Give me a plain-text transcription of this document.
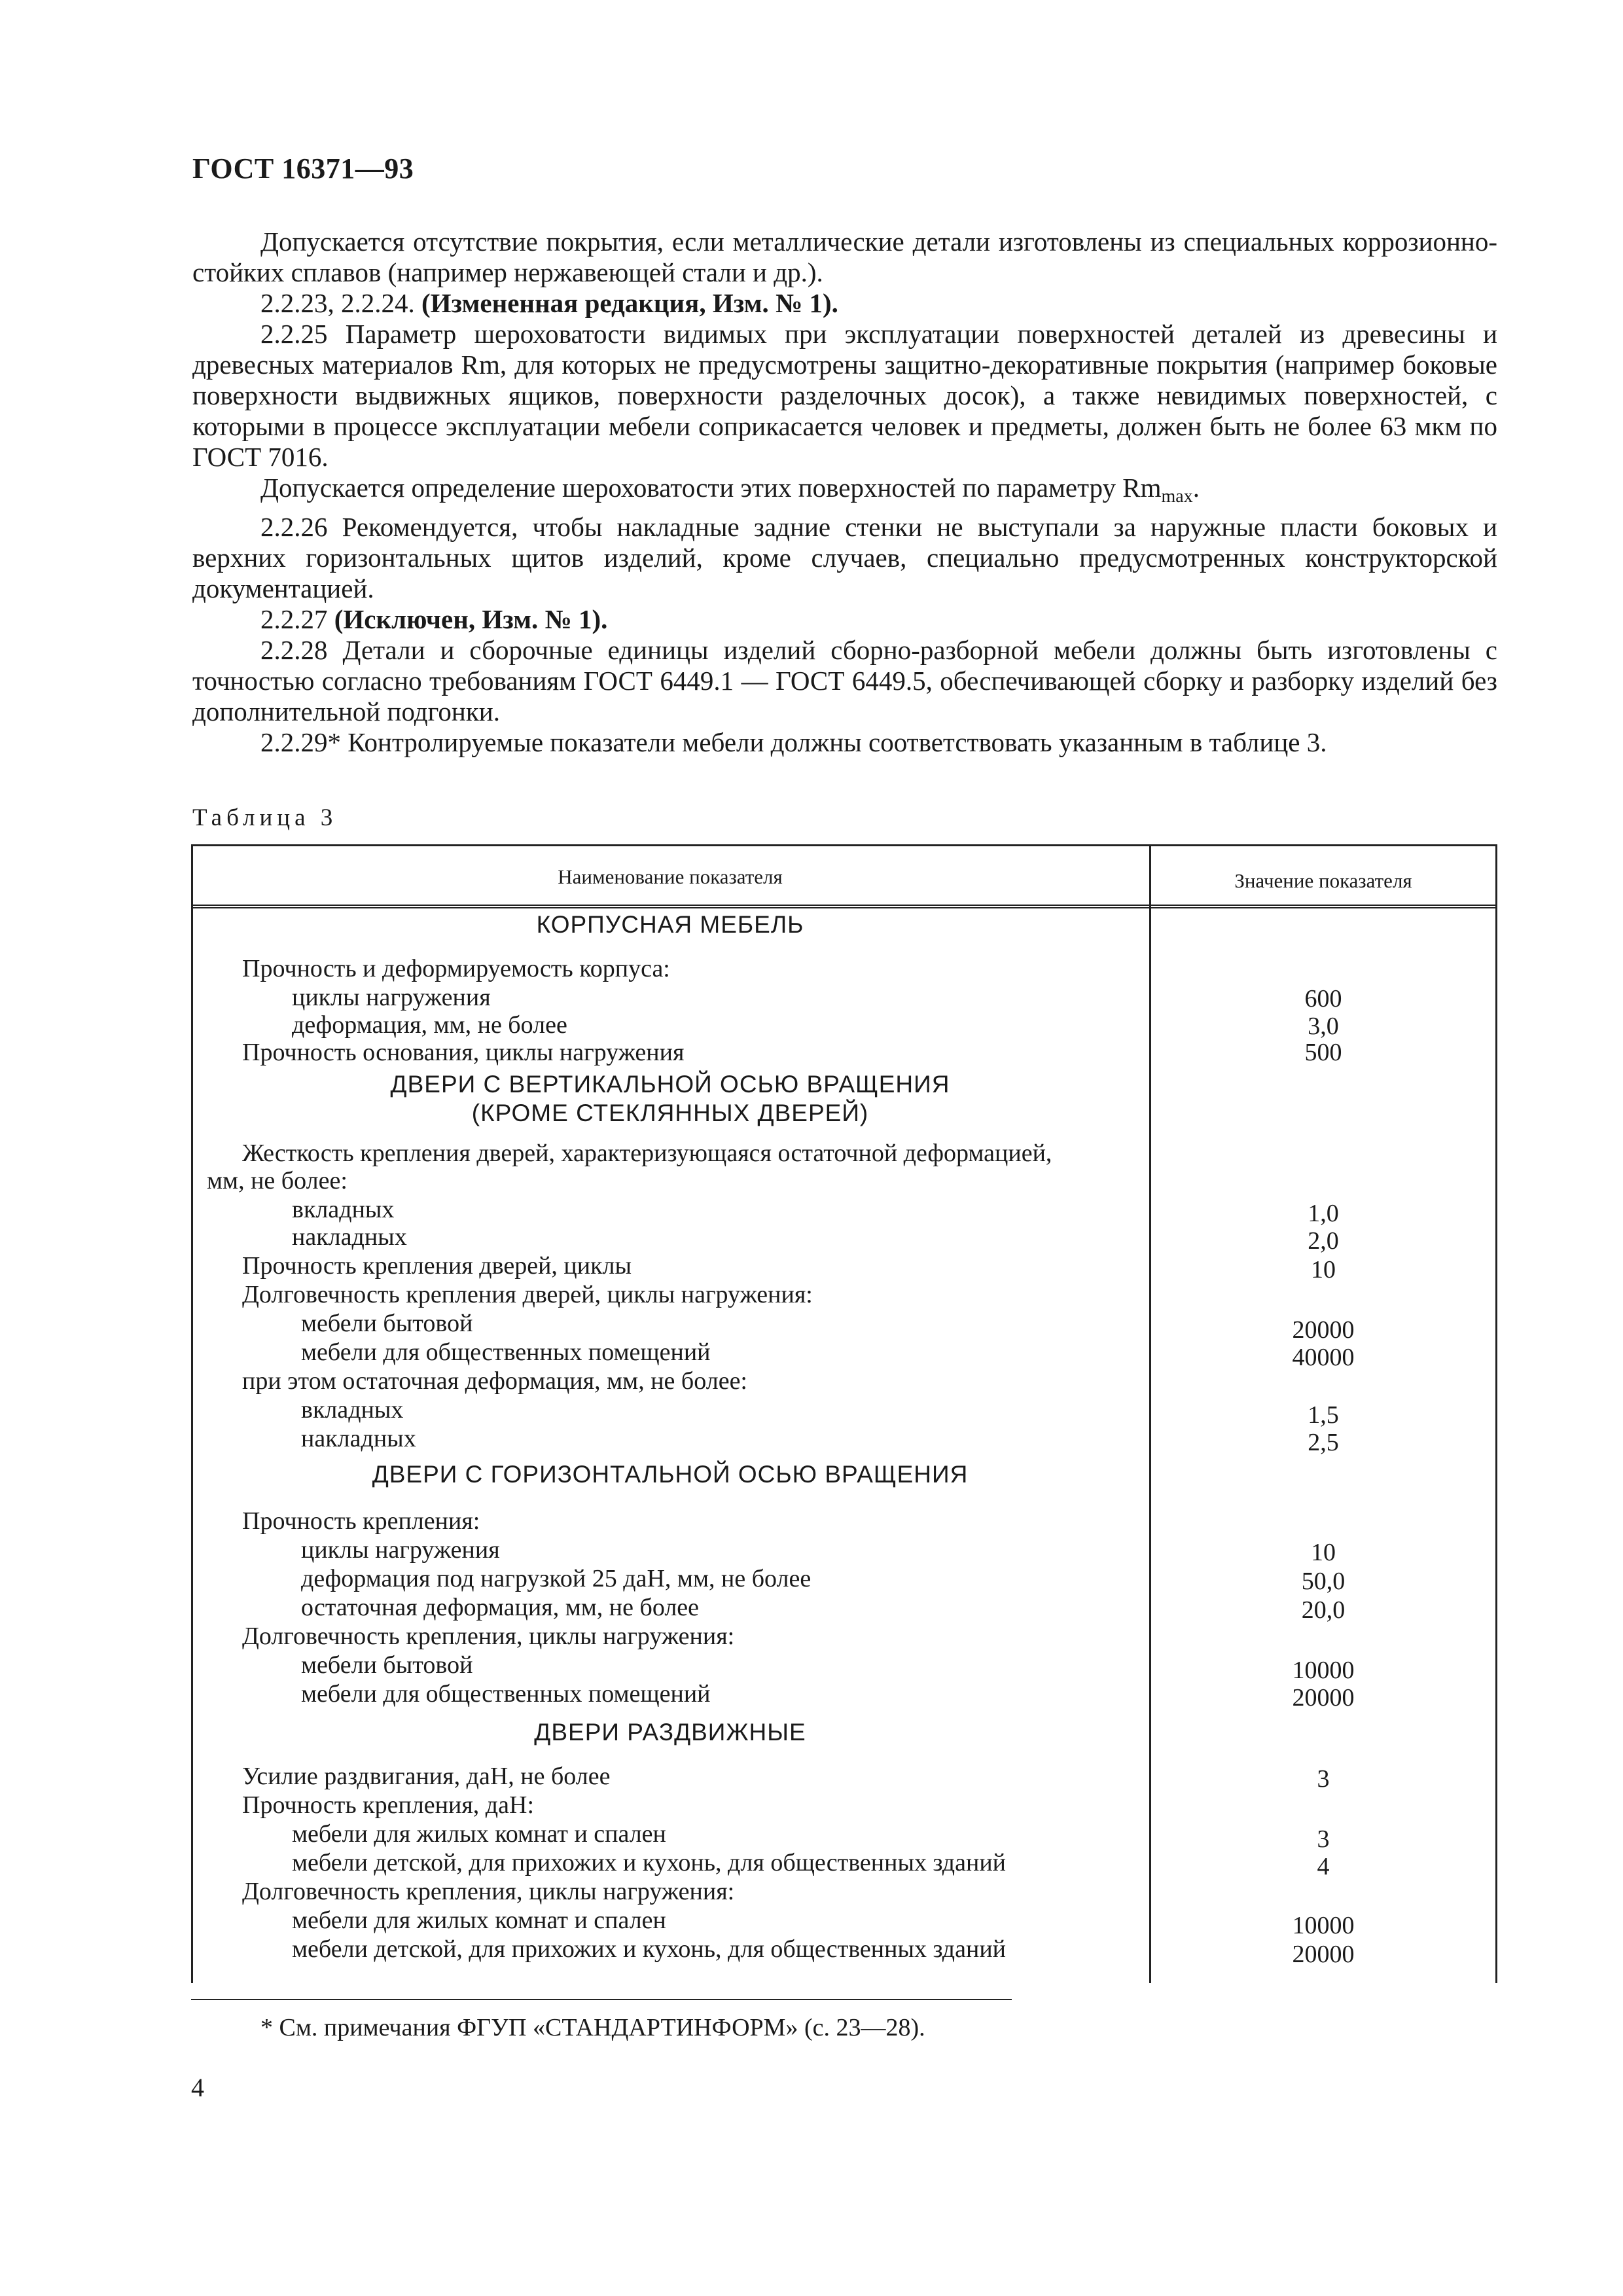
ГОСТ 16371—93

Допускается отсутствие покрытия, если металлические детали изготовлены из специальных коррозионно-стойких сплавов (например нержавеющей стали и др.).

2.2.23, 2.2.24. (Измененная редакция, Изм. № 1).

2.2.25 Параметр шероховатости видимых при эксплуатации поверхностей деталей из древесины и древесных материалов Rm, для которых не предусмотрены защитно-декоративные покрытия (например боковые поверхности выдвижных ящиков, поверхности разделочных досок), а также невидимых поверхностей, с которыми в процессе эксплуатации мебели соприкасается человек и предметы, должен быть не более 63 мкм по ГОСТ 7016.

Допускается определение шероховатости этих поверхностей по параметру $Rm_{max}$.

2.2.26 Рекомендуется, чтобы накладные задние стенки не выступали за наружные пласти боковых и верхних горизонтальных щитов изделий, кроме случаев, специально предусмотренных конструкторской документацией.

2.2.27 (Исключен, Изм. № 1).

2.2.28 Детали и сборочные единицы изделий сборно-разборной мебели должны быть изготовлены с точностью согласно требованиям ГОСТ 6449.1 — ГОСТ 6449.5, обеспечивающей сборку и разборку изделий без дополнительной подгонки.

2.2.29* Контролируемые показатели мебели должны соответствовать указанным в таблице 3.

Таблица 3
Наименование показателя	Значение показателя
КОРПУСНАЯ МЕБЕЛЬ
Прочность и деформируемость корпуса:
циклы нагружения	600
деформация, мм, не более	3,0
Прочность основания, циклы нагружения	500
ДВЕРИ С ВЕРТИКАЛЬНОЙ ОСЬЮ ВРАЩЕНИЯ
(КРОМЕ СТЕКЛЯННЫХ ДВЕРЕЙ)
Жесткость крепления дверей, характеризующаяся остаточной деформацией,
мм, не более:
вкладных	1,0
накладных	2,0
Прочность крепления дверей, циклы	10
Долговечность крепления дверей, циклы нагружения:
мебели бытовой	20000
мебели для общественных помещений	40000
при этом остаточная деформация, мм, не более:
вкладных	1,5
накладных	2,5
ДВЕРИ С ГОРИЗОНТАЛЬНОЙ ОСЬЮ ВРАЩЕНИЯ
Прочность крепления:
циклы нагружения	10
деформация под нагрузкой 25 даН, мм, не более	50,0
остаточная деформация, мм, не более	20,0
Долговечность крепления, циклы нагружения:
мебели бытовой	10000
мебели для общественных помещений	20000
ДВЕРИ РАЗДВИЖНЫЕ
Усилие раздвигания, даН, не более	3
Прочность крепления, даН:
мебели для жилых комнат и спален	3
мебели детской, для прихожих и кухонь, для общественных зданий	4
Долговечность крепления, циклы нагружения:
мебели для жилых комнат и спален	10000
мебели детской, для прихожих и кухонь, для общественных зданий	20000
* См. примечания ФГУП «СТАНДАРТИНФОРМ» (с. 23—28).
4
